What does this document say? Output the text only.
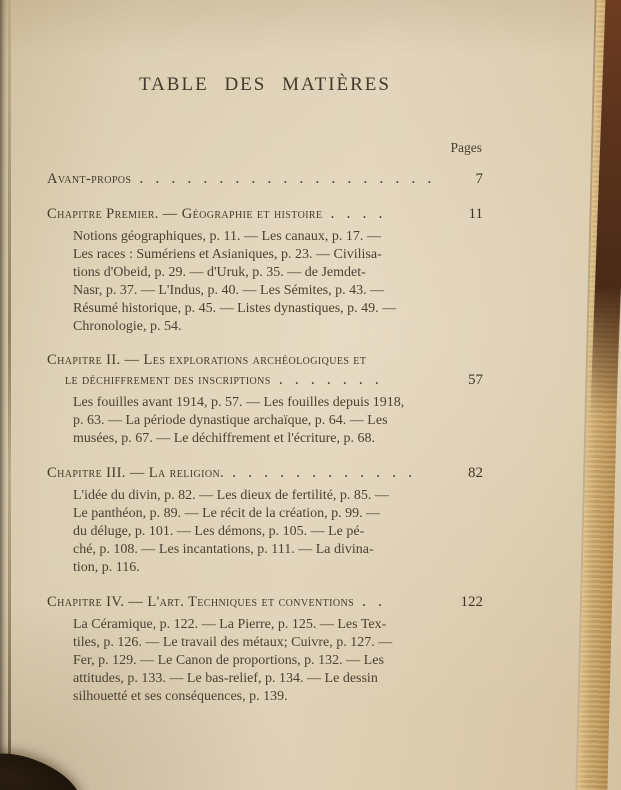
TABLE DES MATIÈRES
Pages
Avant-propos . . . . . . . . . . . . . . . . . . .	7
Chapitre Premier. — Géographie et histoire . . . .	11
Notions géographiques, p. 11. — Les canaux, p. 17. —
Les races : Sumériens et Asianiques, p. 23. — Civilisa-
tions d'Obeid, p. 29. — d'Uruk, p. 35. — de Jemdet-
Nasr, p. 37. — L'Indus, p. 40. — Les Sémites, p. 43. —
Résumé historique, p. 45. — Listes dynastiques, p. 49. —
Chronologie, p. 54.
Chapitre II. — Les explorations archéologiques et
le déchiffrement des inscriptions . . . . . . .	57
Les fouilles avant 1914, p. 57. — Les fouilles depuis 1918,
p. 63. — La période dynastique archaïque, p. 64. — Les
musées, p. 67. — Le déchiffrement et l'écriture, p. 68.
Chapitre III. — La religion. . . . . . . . . . . . .	82
L'idée du divin, p. 82. — Les dieux de fertilité, p. 85. —
Le panthéon, p. 89. — Le récit de la création, p. 99. —
du déluge, p. 101. — Les démons, p. 105. — Le pé-
ché, p. 108. — Les incantations, p. 111. — La divina-
tion, p. 116.
Chapitre IV. — L'art. Techniques et conventions . .	122
La Céramique, p. 122. — La Pierre, p. 125. — Les Tex-
tiles, p. 126. — Le travail des métaux; Cuivre, p. 127. —
Fer, p. 129. — Le Canon de proportions, p. 132. — Les
attitudes, p. 133. — Le bas-relief, p. 134. — Le dessin
silhouetté et ses conséquences, p. 139.
